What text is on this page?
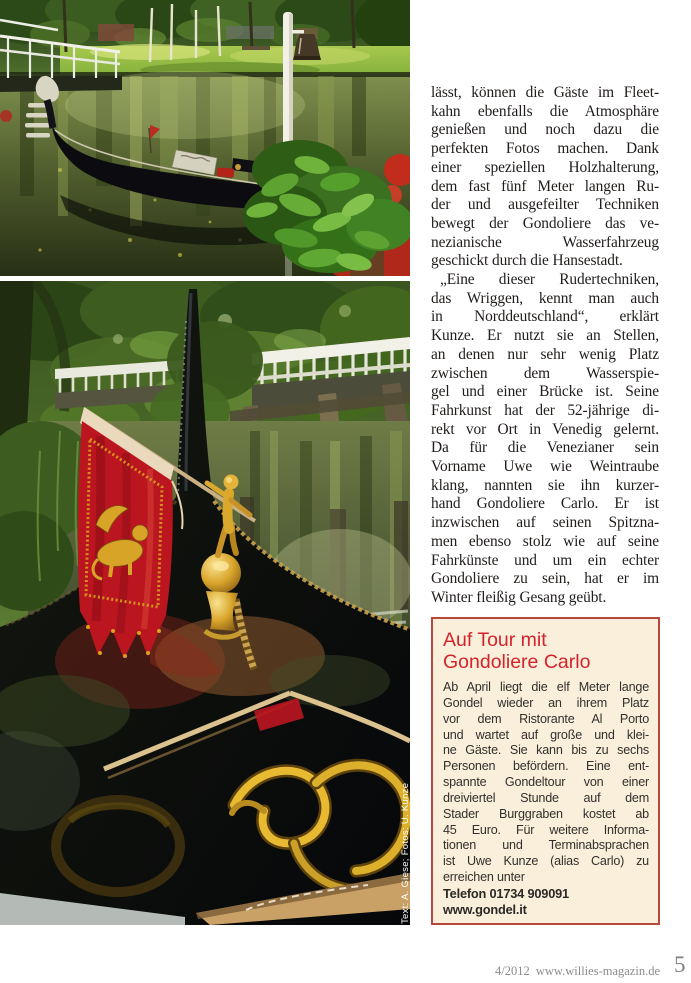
Text: A. Giese; Fotos: U. Kunze
lässt, können die Gäste im Fleet-
kahn ebenfalls die Atmosphäre
genießen und noch dazu die
perfekten Fotos machen. Dank
einer speziellen Holzhalterung,
dem fast fünf Meter langen Ru-
der und ausgefeilter Techniken
bewegt der Gondoliere das ve-
nezianische Wasserfahrzeug
geschickt durch die Hansestadt.
„Eine dieser Rudertechniken,
das Wriggen, kennt man auch
in Norddeutschland“, erklärt
Kunze. Er nutzt sie an Stellen,
an denen nur sehr wenig Platz
zwischen dem Wasserspie-
gel und einer Brücke ist. Seine
Fahrkunst hat der 52-jährige di-
rekt vor Ort in Venedig gelernt.
Da für die Venezianer sein
Vorname Uwe wie Weintraube
klang, nannten sie ihn kurzer-
hand Gondoliere Carlo. Er ist
inzwischen auf seinen Spitzna-
men ebenso stolz wie auf seine
Fahrkünste und um ein echter
Gondoliere zu sein, hat er im
Winter fleißig Gesang geübt.
Auf Tour mit
Gondoliere Carlo
Ab April liegt die elf Meter lange
Gondel wieder an ihrem Platz
vor dem Ristorante Al Porto
und wartet auf große und klei-
ne Gäste. Sie kann bis zu sechs
Personen befördern. Eine ent-
spannte Gondeltour von einer
dreiviertel Stunde auf dem
Stader Burggraben kostet ab
45 Euro. Für weitere Informa-
tionen und Terminabsprachen
ist Uwe Kunze (alias Carlo) zu
erreichen unter
Telefon 01734 909091
www.gondel.it
4/2012 www.willies-magazin.de 5
